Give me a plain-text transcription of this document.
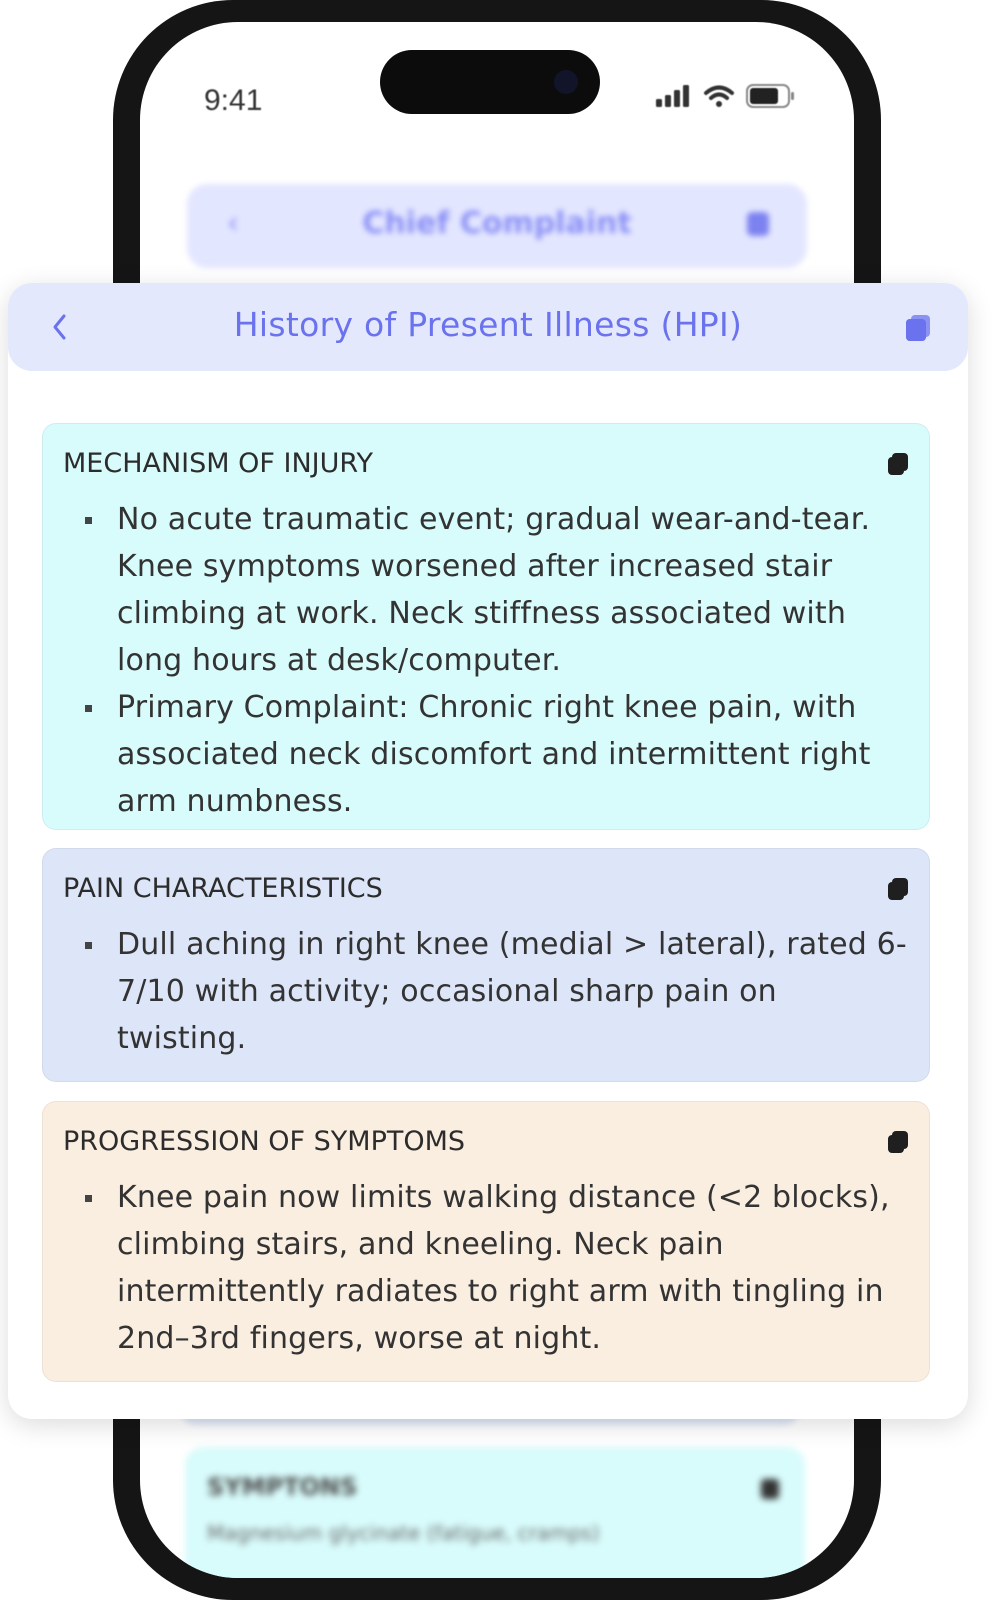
9:41
‹	Chief Complaint
SYMPTONS
Magnesium glycinate (fatigue, cramps)
History of Present Illness (HPI)
MECHANISM OF INJURY
No acute traumatic event; gradual wear-and-tear. Knee symptoms worsened after increased stair climbing at work. Neck stiffness associated with long hours at desk/computer.
Primary Complaint: Chronic right knee pain, with associated neck discomfort and intermittent right arm numbness.
PAIN CHARACTERISTICS
Dull aching in right knee (medial > lateral), rated 6-7/10 with activity; occasional sharp pain on twisting.
PROGRESSION OF SYMPTOMS
Knee pain now limits walking distance (<2 blocks), climbing stairs, and kneeling. Neck pain intermittently radiates to right arm with tingling in 2nd–3rd fingers, worse at night.
